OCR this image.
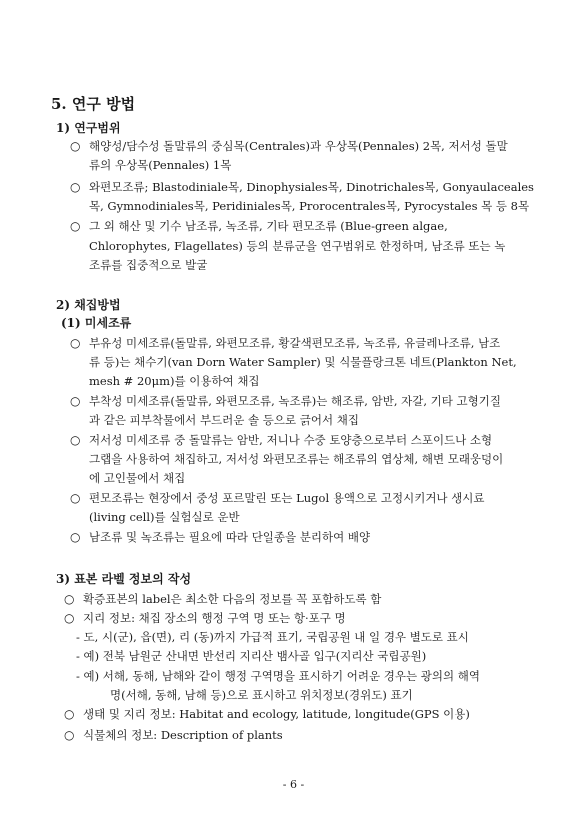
5. 연구 방법
1) 연구범위
○ 해양성/담수성 돌말류의 중심목(Centrales)과 우상목(Pennales) 2목, 저서성 돌말
류의 우상목(Pennales) 1목
○ 와편모조류; Blastodiniale목, Dinophysiales목, Dinotrichales목, Gonyaulaceales
목, Gymnodiniales목, Peridiniales목, Prorocentrales목, Pyrocystales 목 등 8목
○ 그 외 해산 및 기수 남조류, 녹조류, 기타 편모조류 (Blue-green algae,
Chlorophytes, Flagellates) 등의 분류군을 연구범위로 한정하며, 남조류 또는 녹
조류를 집중적으로 발굴
2) 채집방법
(1) 미세조류
○ 부유성 미세조류(돌말류, 와편모조류, 황갈색편모조류, 녹조류, 유글레나조류, 남조
류 등)는 채수기(van Dorn Water Sampler) 및 식물플랑크톤 네트(Plankton Net,
mesh # 20μm)를 이용하여 채집
○ 부착성 미세조류(돌말류, 와편모조류, 녹조류)는 해조류, 암반, 자갈, 기타 고형기질
과 같은 피부착물에서 부드러운 솔 등으로 긁어서 채집
○ 저서성 미세조류 중 돌말류는 암반, 저니나 수중 토양층으로부터 스포이드나 소형
그랩을 사용하여 채집하고, 저서성 와편모조류는 해조류의 엽상체, 해변 모래웅덩이
에 고인물에서 채집
○ 편모조류는 현장에서 중성 포르말린 또는 Lugol 용액으로 고정시키거나 생시료
(living cell)를 실험실로 운반
○ 남조류 및 녹조류는 필요에 따라 단일종을 분리하여 배양
3) 표본 라벨 정보의 작성
○ 확증표본의 label은 최소한 다음의 정보를 꼭 포함하도록 함
○ 지리 정보: 채집 장소의 행정 구역 명 또는 항·포구 명
- 도, 시(군), 읍(면), 리 (동)까지 가급적 표기, 국립공원 내 일 경우 별도로 표시
- 예) 전북 남원군 산내면 반선리 지리산 뱀사골 입구(지리산 국립공원)
- 예) 서해, 동해, 남해와 같이 행정 구역명을 표시하기 어려운 경우는 광의의 해역
명(서해, 동해, 남해 등)으로 표시하고 위치정보(경위도) 표기
○ 생태 및 지리 정보: Habitat and ecology, latitude, longitude(GPS 이용)
○ 식물체의 정보: Description of plants
- 6 -
